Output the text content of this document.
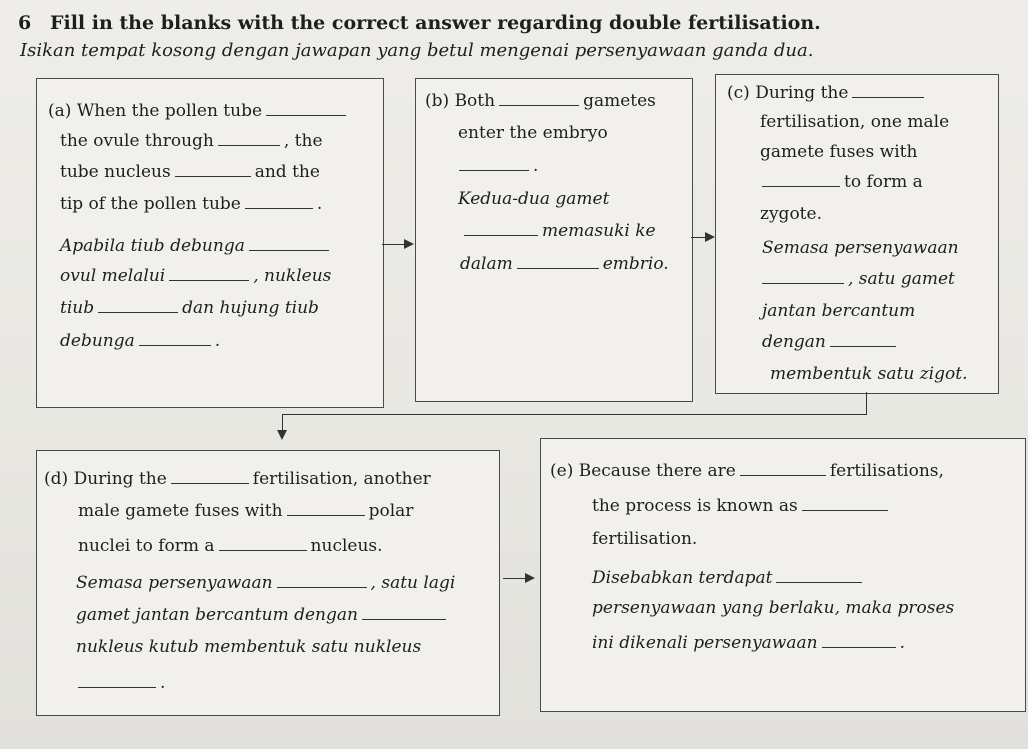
6 Fill in the blanks with the correct answer regarding double fertilisation.
Isikan tempat kosong dengan jawapan yang betul mengenai persenyawaan ganda dua.
(a) When the pollen tube
the ovule through	, the
tube nucleus	and the
tip of the pollen tube	.
Apabila tiub debunga
ovul melalui	, nukleus
tiub	dan hujung tiub
debunga	.
(b) Both	gametes
enter the embryo
.
Kedua-dua gamet
memasuki ke
dalam	embrio.
(c) During the
fertilisation, one male
gamete fuses with
to form a
zygote.
Semasa persenyawaan
, satu gamet
jantan bercantum
dengan
membentuk satu zigot.
(d) During the	fertilisation, another
male gamete fuses with	polar
nuclei to form a	nucleus.
Semasa persenyawaan	, satu lagi
gamet jantan bercantum dengan
nukleus kutub membentuk satu nukleus
.
(e) Because there are	fertilisations,
the process is known as
fertilisation.
Disebabkan terdapat
persenyawaan yang berlaku, maka proses
ini dikenali persenyawaan	.
